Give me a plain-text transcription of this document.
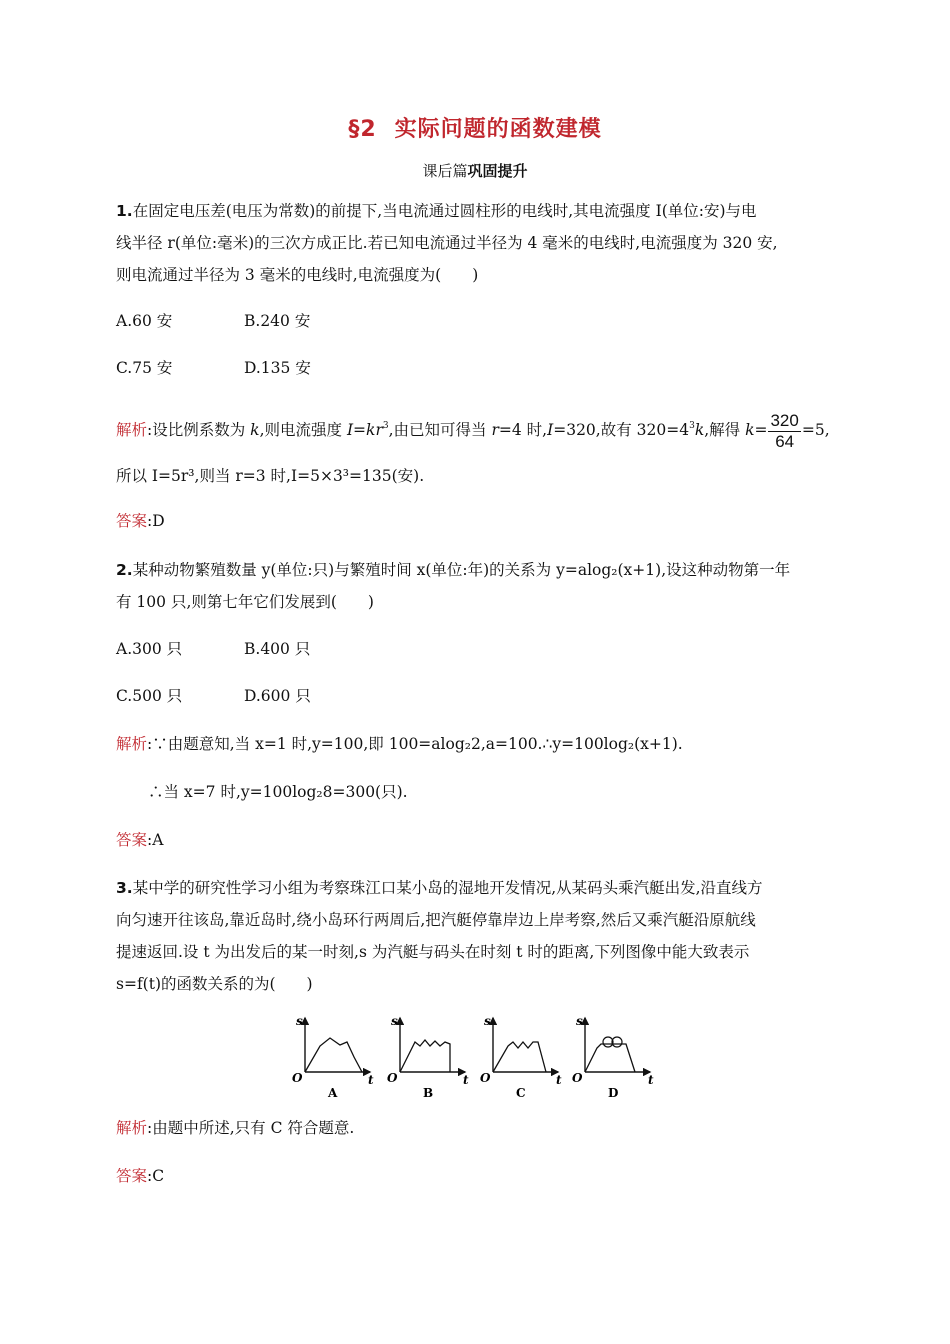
§2 实际问题的函数建模
课后篇巩固提升
1.在固定电压差(电压为常数)的前提下,当电流通过圆柱形的电线时,其电流强度 I(单位:安)与电
线半径 r(单位:毫米)的三次方成正比.若已知电流通过半径为 4 毫米的电线时,电流强度为 320 安,
则电流通过半径为 3 毫米的电线时,电流强度为(　　)
A.60 安	B.240 安
C.75 安	D.135 安
解析:设比例系数为 k,则电流强度 $I=kr^3$,由已知可得当 r=4 时,I=320,故有 $320=4^3k$,解得 $k= \frac{320}{64} =5$,
所以 I=5r³,则当 r=3 时,I=5×3³=135(安).
答案:D
2.某种动物繁殖数量 y(单位:只)与繁殖时间 x(单位:年)的关系为 y=alog₂(x+1),设这种动物第一年
有 100 只,则第七年它们发展到(　　)
A.300 只	B.400 只
C.500 只	D.600 只
解析:∵由题意知,当 x=1 时,y=100,即 100=alog₂2,a=100.∴y=100log₂(x+1).
∴当 x=7 时,y=100log₂8=300(只).
答案:A
3.某中学的研究性学习小组为考察珠江口某小岛的湿地开发情况,从某码头乘汽艇出发,沿直线方
向匀速开往该岛,靠近岛时,绕小岛环行两周后,把汽艇停靠岸边上岸考察,然后又乘汽艇沿原航线
提速返回.设 t 为出发后的某一时刻,s 为汽艇与码头在时刻 t 时的距离,下列图像中能大致表示
s=f(t)的函数关系的为(　　)
s
t
O
A
s
t
O
B
s
t
O
C
s
t
O
D
解析:由题中所述,只有 C 符合题意.
答案:C
